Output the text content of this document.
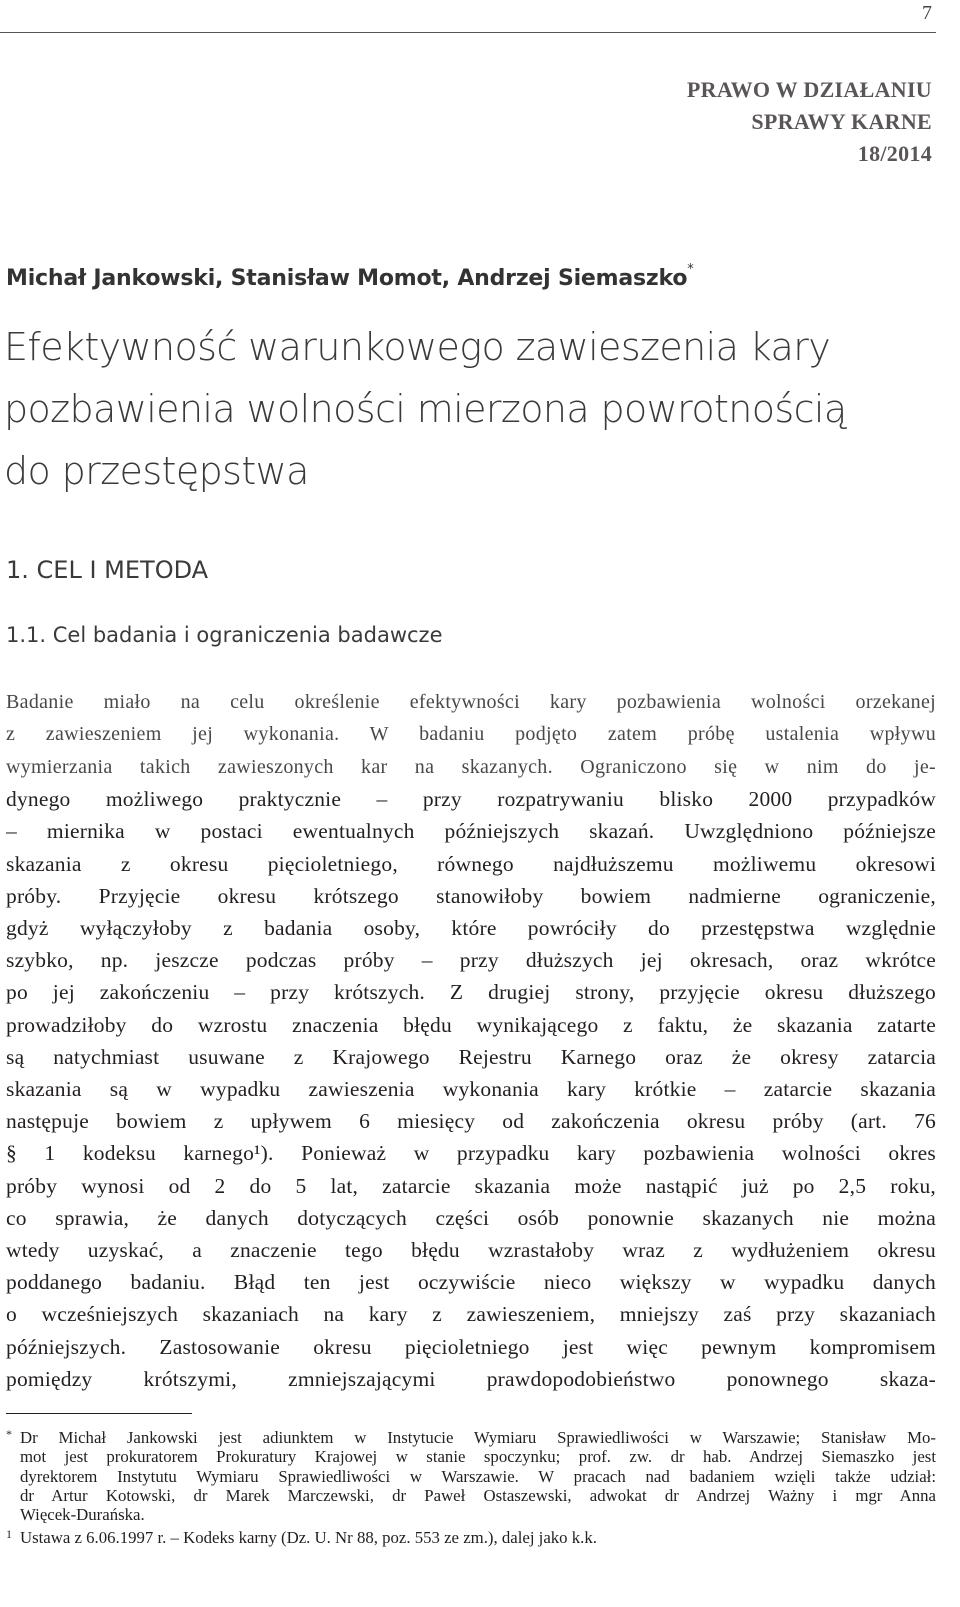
7
PRAWO W DZIAŁANIU
SPRAWY KARNE
18/2014
Michał Jankowski, Stanisław Momot, Andrzej Siemaszko*
Efektywność warunkowego zawieszenia kary
pozbawienia wolności mierzona powrotnością
do przestępstwa
1. CEL I METODA
1.1. Cel badania i ograniczenia badawcze
Badanie miało na celu określenie efektywności kary pozbawienia wolności orzekanej
z zawieszeniem jej wykonania. W badaniu podjęto zatem próbę ustalenia wpływu
wymierzania takich zawieszonych kar na skazanych. Ograniczono się w nim do je-
dynego możliwego praktycznie – przy rozpatrywaniu blisko 2000 przypadków
– miernika w postaci ewentualnych późniejszych skazań. Uwzględniono późniejsze
skazania z okresu pięcioletniego, równego najdłuższemu możliwemu okresowi
próby. Przyjęcie okresu krótszego stanowiłoby bowiem nadmierne ograniczenie,
gdyż wyłączyłoby z badania osoby, które powróciły do przestępstwa względnie
szybko, np. jeszcze podczas próby – przy dłuższych jej okresach, oraz wkrótce
po jej zakończeniu – przy krótszych. Z drugiej strony, przyjęcie okresu dłuższego
prowadziłoby do wzrostu znaczenia błędu wynikającego z faktu, że skazania zatarte
są natychmiast usuwane z Krajowego Rejestru Karnego oraz że okresy zatarcia
skazania są w wypadku zawieszenia wykonania kary krótkie – zatarcie skazania
następuje bowiem z upływem 6 miesięcy od zakończenia okresu próby (art. 76
§ 1 kodeksu karnego¹). Ponieważ w przypadku kary pozbawienia wolności okres
próby wynosi od 2 do 5 lat, zatarcie skazania może nastąpić już po 2,5 roku,
co sprawia, że danych dotyczących części osób ponownie skazanych nie można
wtedy uzyskać, a znaczenie tego błędu wzrastałoby wraz z wydłużeniem okresu
poddanego badaniu. Błąd ten jest oczywiście nieco większy w wypadku danych
o wcześniejszych skazaniach na kary z zawieszeniem, mniejszy zaś przy skazaniach
późniejszych. Zastosowanie okresu pięcioletniego jest więc pewnym kompromisem
pomiędzy krótszymi, zmniejszającymi prawdopodobieństwo ponownego skaza-
* Dr Michał Jankowski jest adiunktem w Instytucie Wymiaru Sprawiedliwości w Warszawie; Stanisław Mo-
mot jest prokuratorem Prokuratury Krajowej w stanie spoczynku; prof. zw. dr hab. Andrzej Siemaszko jest
dyrektorem Instytutu Wymiaru Sprawiedliwości w Warszawie. W pracach nad badaniem wzięli także udział:
dr Artur Kotowski, dr Marek Marczewski, dr Paweł Ostaszewski, adwokat dr Andrzej Ważny i mgr Anna
Więcek-Durańska.
1 Ustawa z 6.06.1997 r. – Kodeks karny (Dz. U. Nr 88, poz. 553 ze zm.), dalej jako k.k.
